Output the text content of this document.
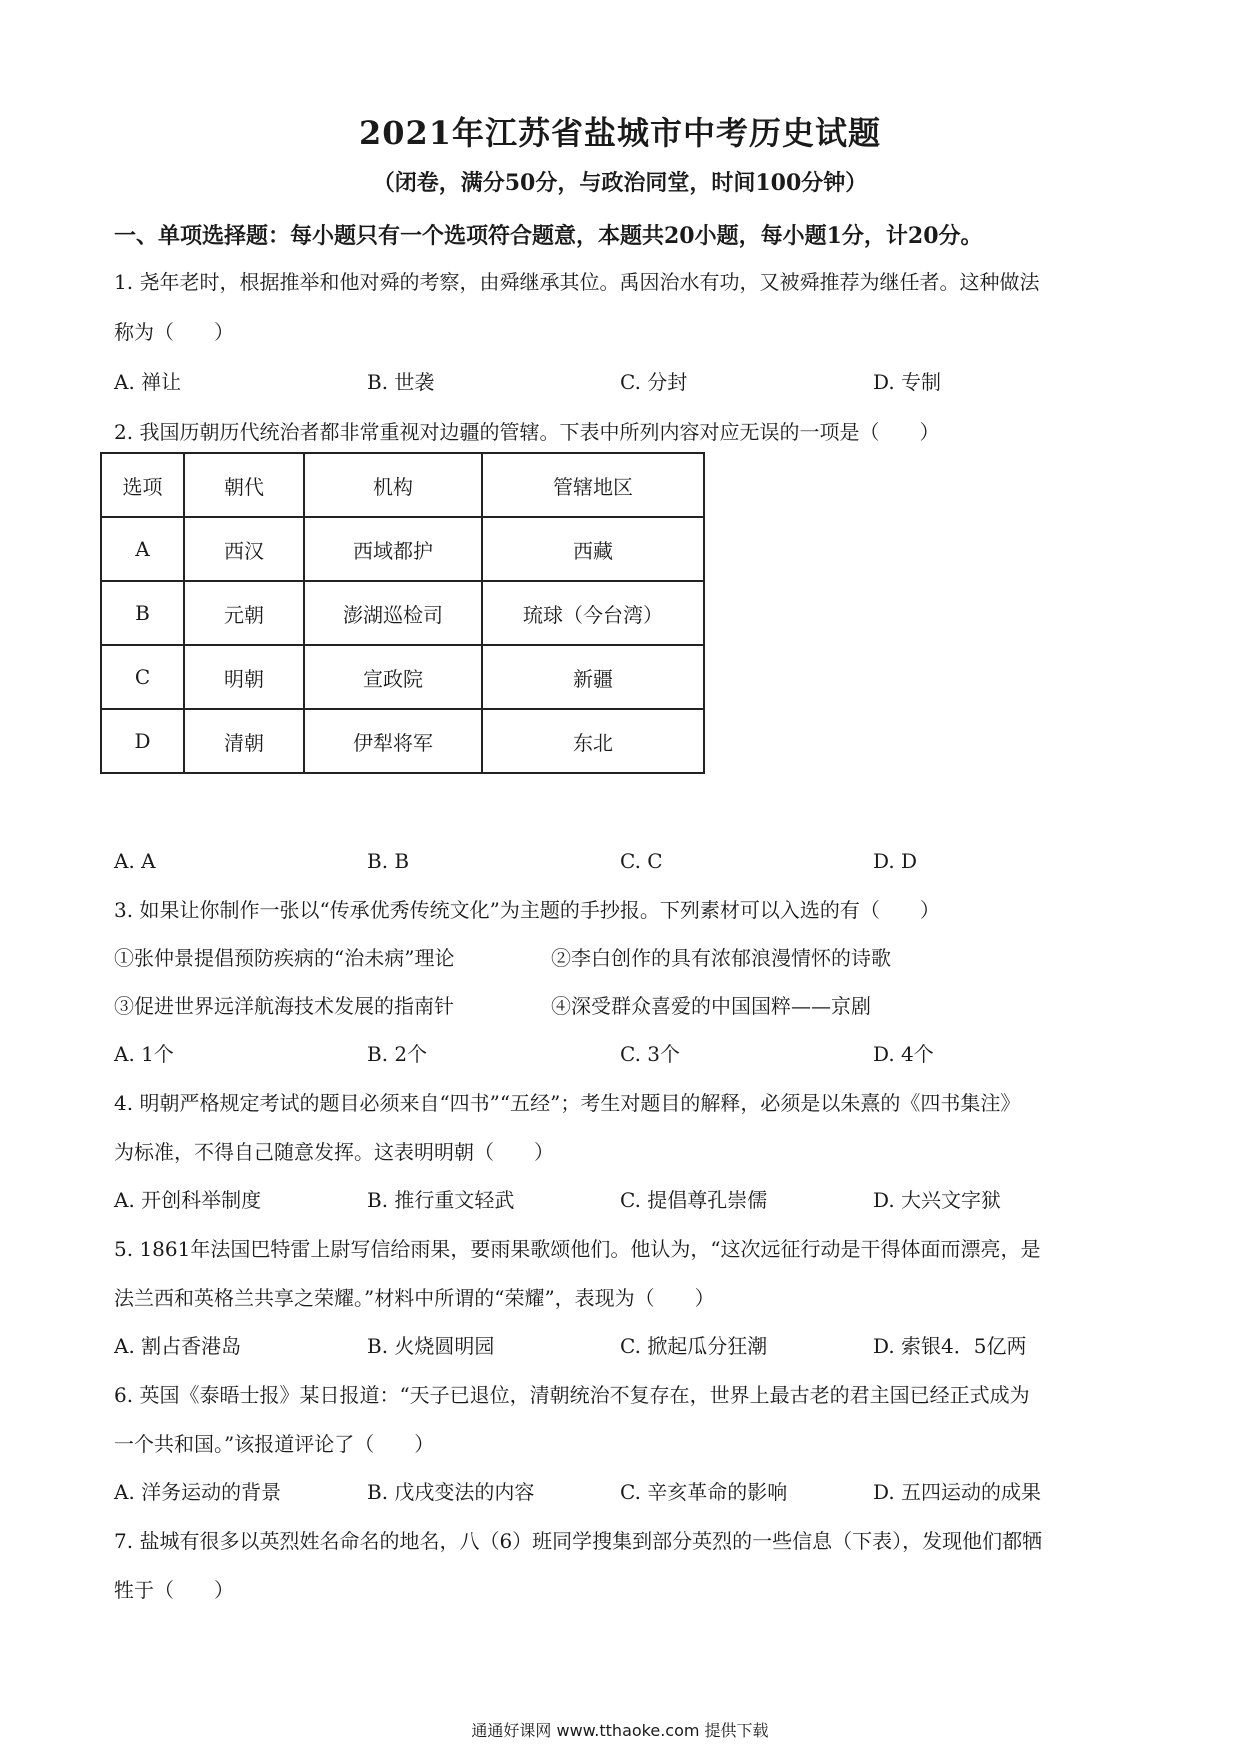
2021年江苏省盐城市中考历史试题
（闭卷，满分50分，与政治同堂，时间100分钟）
一、单项选择题：每小题只有一个选项符合题意，本题共20小题，每小题1分，计20分。
1. 尧年老时，根据推举和他对舜的考察，由舜继承其位。禹因治水有功，又被舜推荐为继任者。这种做法
称为（　　）
A. 禅让	B. 世袭	C. 分封	D. 专制
2. 我国历朝历代统治者都非常重视对边疆的管辖。下表中所列内容对应无误的一项是（　　）
选项	朝代	机构	管辖地区
A	西汉	西域都护	西藏
B	元朝	澎湖巡检司	琉球（今台湾）
C	明朝	宣政院	新疆
D	清朝	伊犁将军	东北
A. A	B. B	C. C	D. D
3. 如果让你制作一张以“传承优秀传统文化”为主题的手抄报。下列素材可以入选的有（　　）
①张仲景提倡预防疾病的“治未病”理论	②李白创作的具有浓郁浪漫情怀的诗歌
③促进世界远洋航海技术发展的指南针	④深受群众喜爱的中国国粹——京剧
A. 1个	B. 2个	C. 3个	D. 4个
4. 明朝严格规定考试的题目必须来自“四书”“五经”；考生对题目的解释，必须是以朱熹的《四书集注》
为标准，不得自己随意发挥。这表明明朝（　　）
A. 开创科举制度	B. 推行重文轻武	C. 提倡尊孔崇儒	D. 大兴文字狱
5. 1861年法国巴特雷上尉写信给雨果，要雨果歌颂他们。他认为，“这次远征行动是干得体面而漂亮，是
法兰西和英格兰共享之荣耀。”材料中所谓的“荣耀”，表现为（　　）
A. 割占香港岛	B. 火烧圆明园	C. 掀起瓜分狂潮	D. 索银4．5亿两
6. 英国《泰晤士报》某日报道：“天子已退位，清朝统治不复存在，世界上最古老的君主国已经正式成为
一个共和国。”该报道评论了（　　）
A. 洋务运动的背景	B. 戊戌变法的内容	C. 辛亥革命的影响	D. 五四运动的成果
7. 盐城有很多以英烈姓名命名的地名，八（6）班同学搜集到部分英烈的一些信息（下表），发现他们都牺
牲于（　　）
通通好课网 www.tthaoke.com 提供下载
